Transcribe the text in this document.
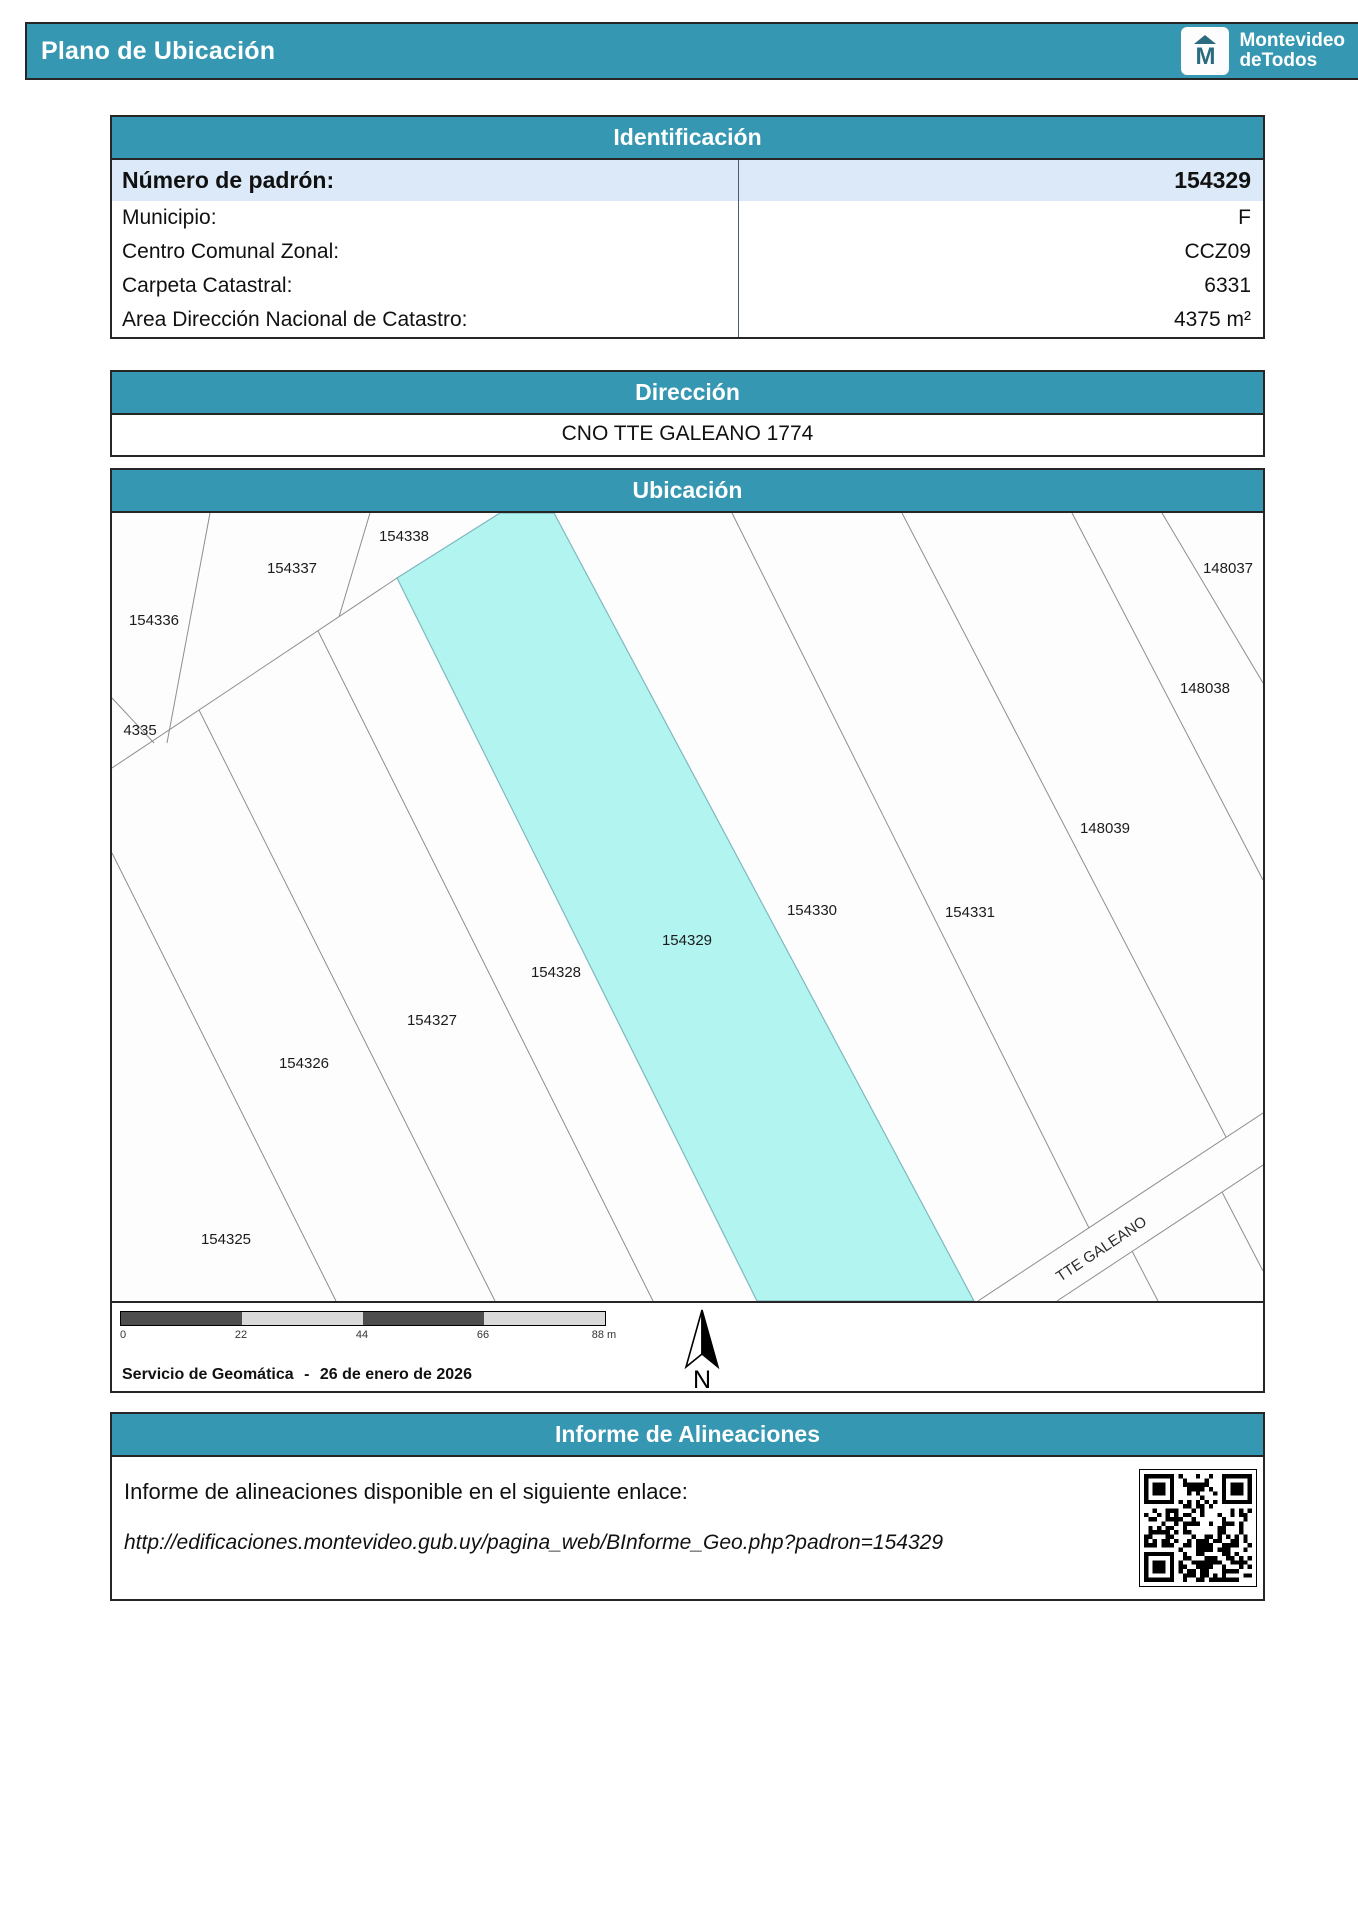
Plano de Ubicación	M
Montevideo
deTodos
Identificación
Número de padrón:	154329
Municipio:	F
Centro Comunal Zonal:	CCZ09
Carpeta Catastral:	6331
Area Dirección Nacional de Catastro:	4375 m²
Dirección
CNO TTE GALEANO 1774
Ubicación
154338
154337
154336
4335
148037
148038
148039
154331
154330
154329
154328
154327
154326
154325	TTE GALEANO
0	22	44	66	88 m
Servicio de Geomática - 26 de enero de 2026	N
Informe de Alineaciones
Informe de alineaciones disponible en el siguiente enlace:
http://edificaciones.montevideo.gub.uy/pagina_web/BInforme_Geo.php?padron=154329
